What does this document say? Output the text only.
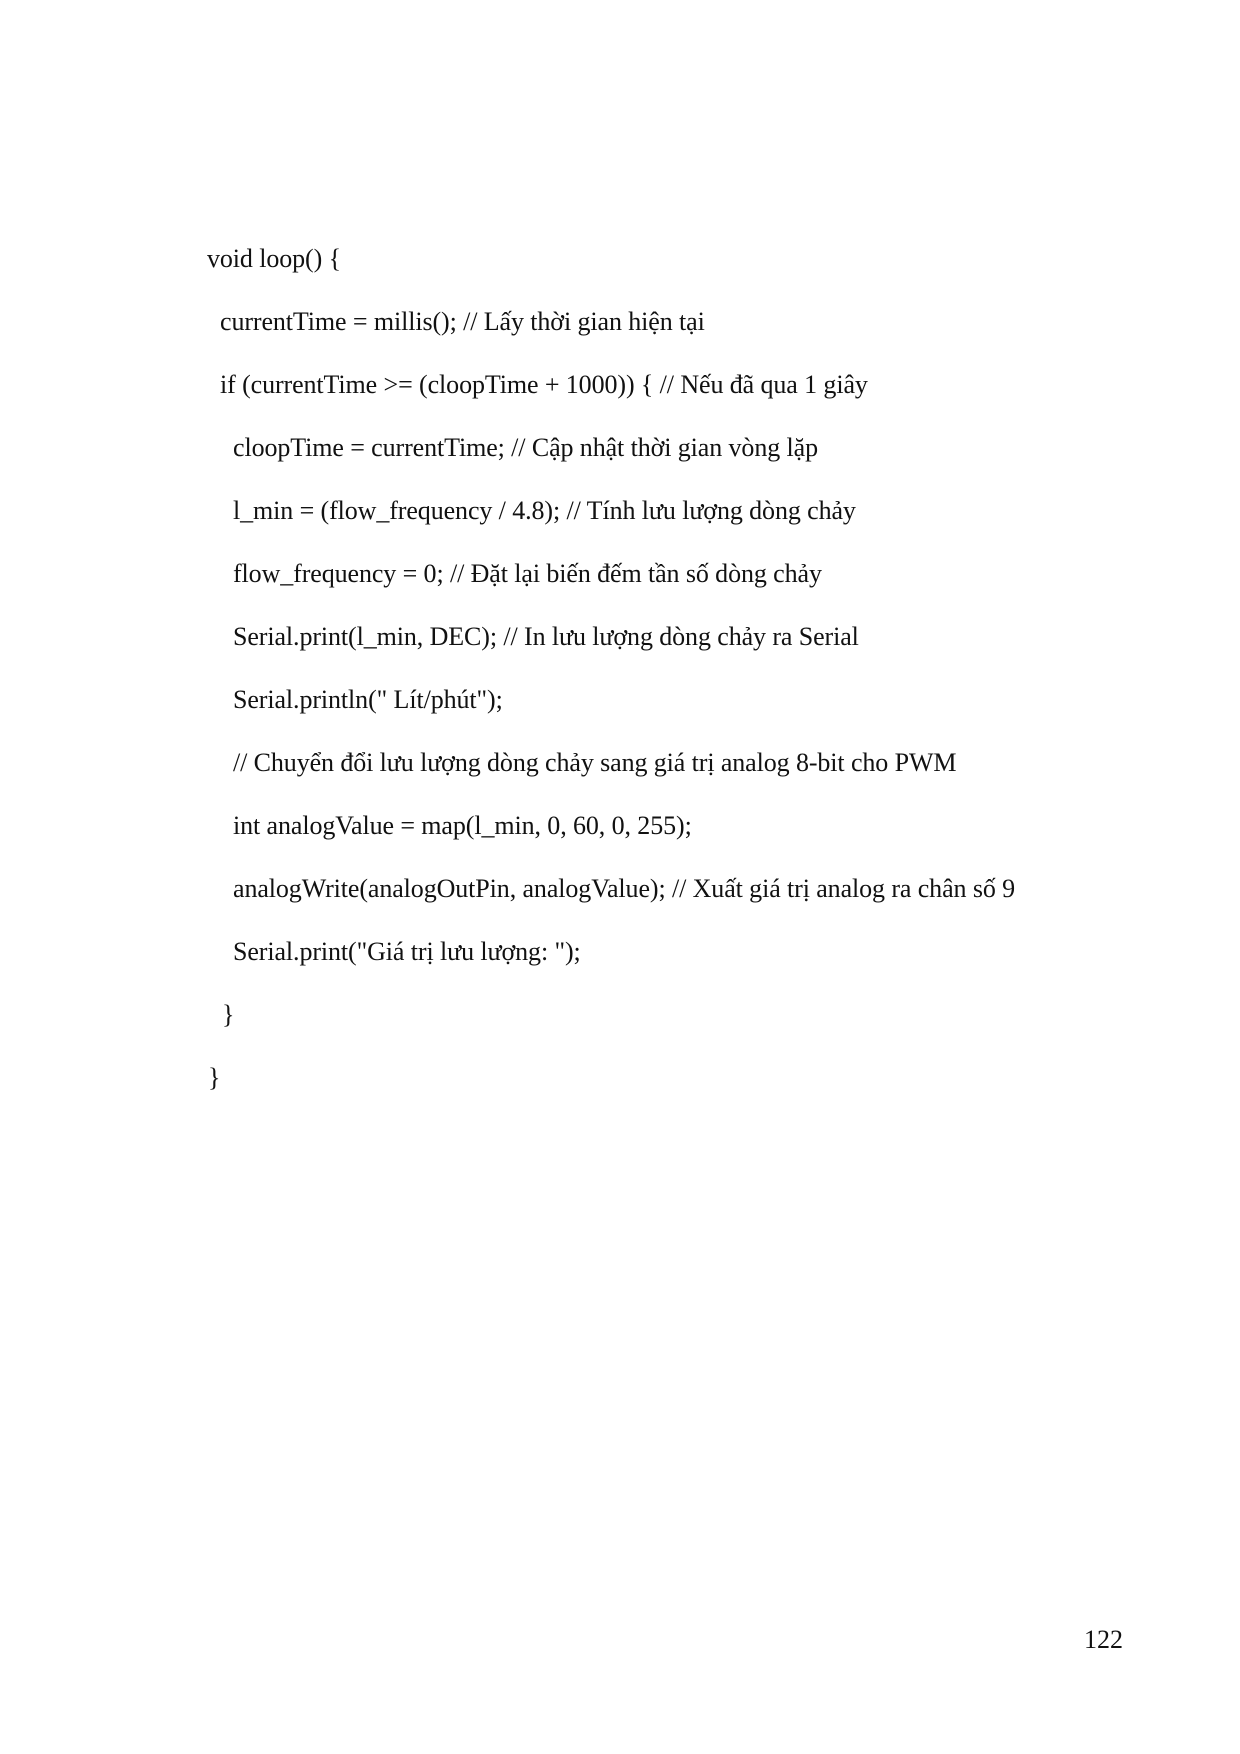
void loop() {
currentTime = millis(); // Lấy thời gian hiện tại
if (currentTime >= (cloopTime + 1000)) { // Nếu đã qua 1 giây
cloopTime = currentTime; // Cập nhật thời gian vòng lặp
l_min = (flow_frequency / 4.8); // Tính lưu lượng dòng chảy
flow_frequency = 0; // Đặt lại biến đếm tần số dòng chảy
Serial.print(l_min, DEC); // In lưu lượng dòng chảy ra Serial
Serial.println(" Lít/phút");
// Chuyển đổi lưu lượng dòng chảy sang giá trị analog 8-bit cho PWM
int analogValue = map(l_min, 0, 60, 0, 255);
analogWrite(analogOutPin, analogValue); // Xuất giá trị analog ra chân số 9
Serial.print("Giá trị lưu lượng: ");
}
}
122
